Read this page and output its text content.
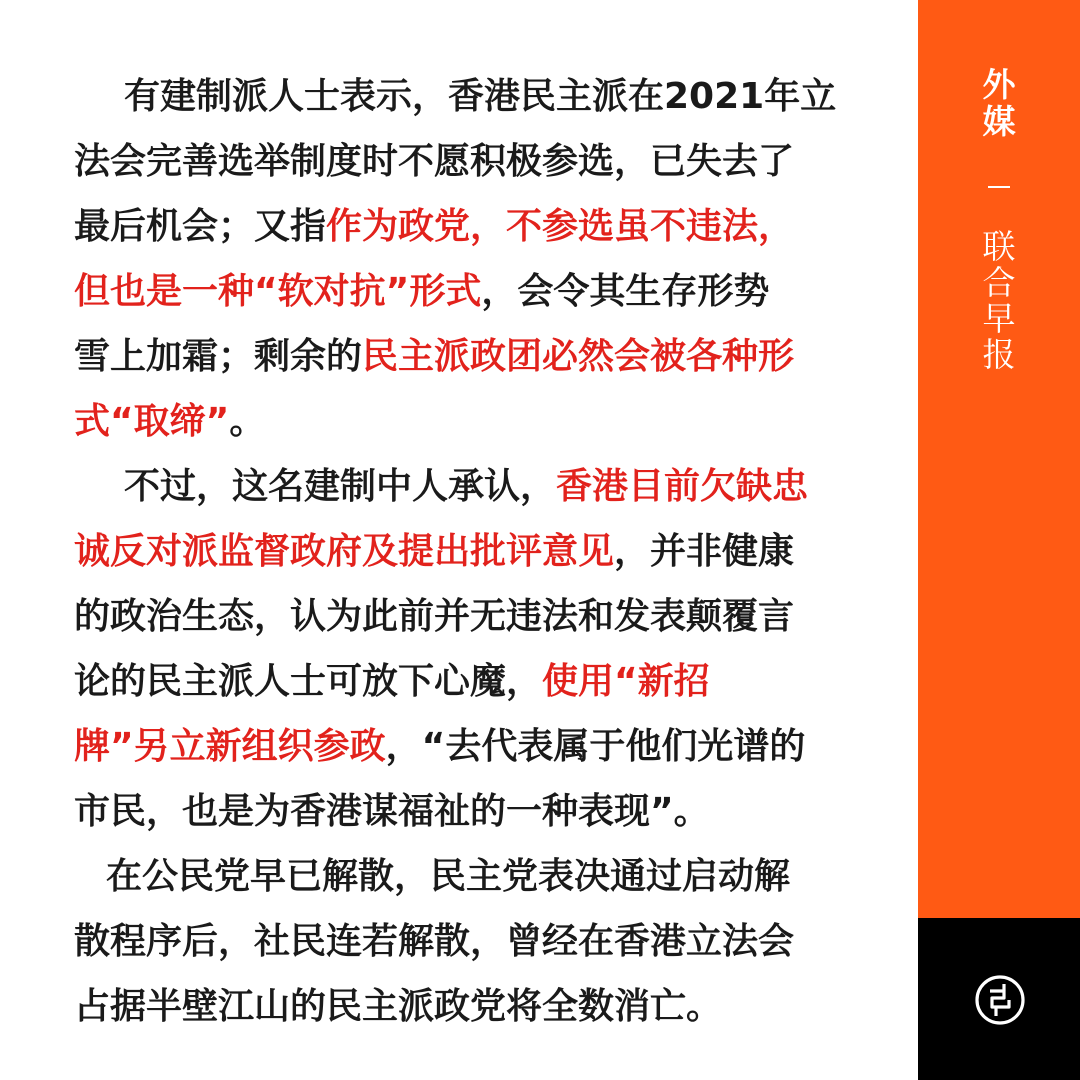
有建制派人士表示，香港民主派在2021年立
法会完善选举制度时不愿积极参选，已失去了
最后机会；又指作为政党，不参选虽不违法，
但也是一种“软对抗”形式，会令其生存形势
雪上加霜；剩余的民主派政团必然会被各种形
式“取缔”。

不过，这名建制中人承认，香港目前欠缺忠
诚反对派监督政府及提出批评意见，并非健康
的政治生态，认为此前并无违法和发表颠覆言
论的民主派人士可放下心魔，使用“新招
牌”另立新组织参政，“去代表属于他们光谱的
市民，也是为香港谋福祉的一种表现”。

在公民党早已解散，民主党表决通过启动解
散程序后，社民连若解散，曾经在香港立法会
占据半壁江山的民主派政党将全数消亡。

外
媒
联
合
早
报
